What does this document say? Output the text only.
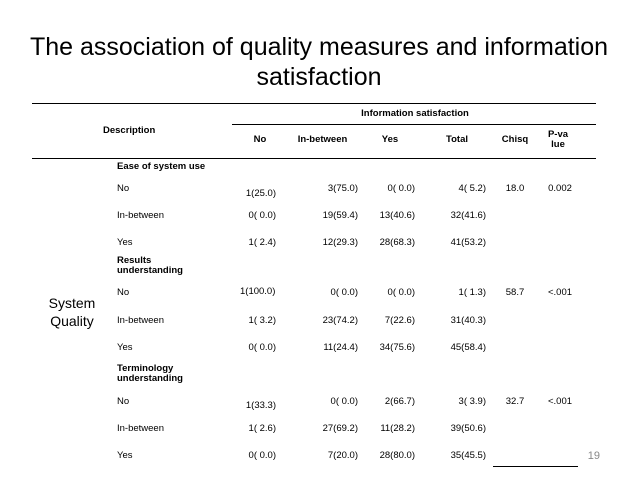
The association of quality measures and information satisfaction
Information satisfaction
Description
No	In-between	Yes	Total	Chisq	P-value
System Quality
Ease of system use
No	1(25.0)	3(75.0)	0( 0.0)	4( 5.2)	18.0	0.002
In-between	0( 0.0)	19(59.4)	13(40.6)	32(41.6)
Yes	1( 2.4)	12(29.3)	28(68.3)	41(53.2)
Results understanding
No	1(100.0)	0( 0.0)	0( 0.0)	1( 1.3)	58.7	<.001
In-between	1( 3.2)	23(74.2)	7(22.6)	31(40.3)
Yes	0( 0.0)	11(24.4)	34(75.6)	45(58.4)
Terminology understanding
No	1(33.3)	0( 0.0)	2(66.7)	3( 3.9)	32.7	<.001
In-between	1( 2.6)	27(69.2)	11(28.2)	39(50.6)
Yes	0( 0.0)	7(20.0)	28(80.0)	35(45.5)	19
